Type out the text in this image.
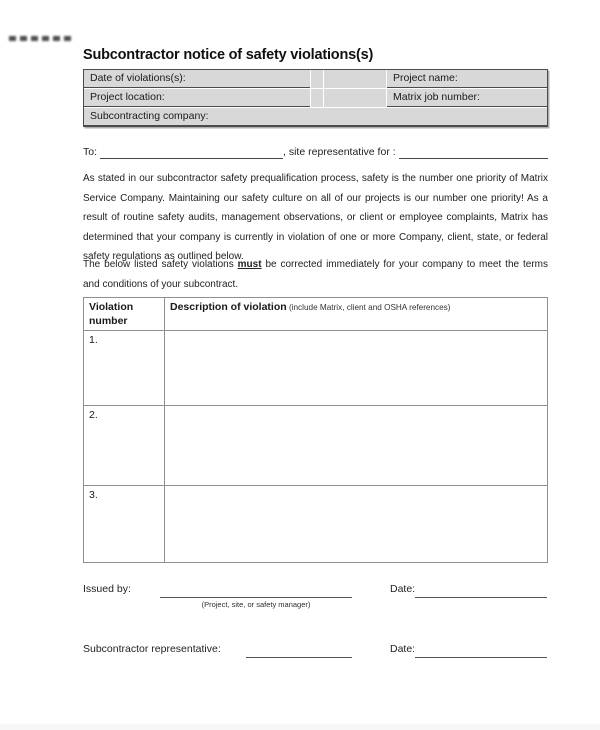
Subcontractor notice of safety violations(s)
Date of violations(s):	Project name:
Project location:	Matrix job number:
Subcontracting company:
To:	, site representative for :
As stated in our subcontractor safety prequalification process, safety is the number one priority of Matrix Service Company. Maintaining our safety culture on all of our projects is our number one priority! As a result of routine safety audits, management observations, or client or employee complaints, Matrix has determined that your company is currently in violation of one or more Company, client, state, or federal safety regulations as outlined below.
The below listed safety violations must be corrected immediately for your company to meet the terms and conditions of your subcontract.
Violation number	Description of violation (include Matrix, client and OSHA references)
1.	
2.	
3.	
Issued by:
(Project, site, or safety manager)
Date:
Subcontractor representative:	Date:
